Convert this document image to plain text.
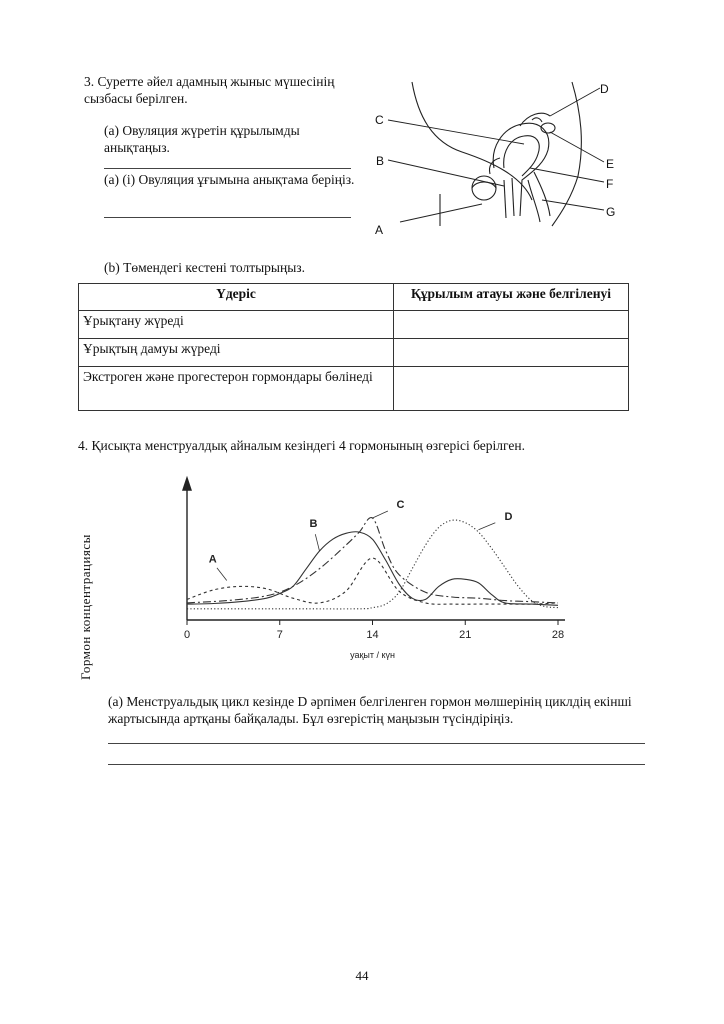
3. Суретте әйел адамның жыныс мүшесінің сызбасы берілген.
(а) Овуляция жүретін құрылымды анықтаңыз.
(а) (і) Овуляция ұғымына анықтама беріңіз.
A
B
C
D
E
F
G
(b) Төмендегі кестені толтырыңыз.
Үдеріс	Құрылым атауы және белгіленуі
Ұрықтану жүреді	
Ұрықтың дамуы жүреді	

Экстроген және прогестерон гормондары бөлінеді	

4. Қисықта менструалдық айналым кезіндегі 4 гормонының өзгерісі берілген.
Гормон концентрациясы	0	7	14	21	28
уақыт / күн
A
B
C
D
(а) Менструальдық цикл кезінде D әрпімен белгіленген гормон мөлшерінің циклдің екінші жартысында артқаны байқалады. Бұл өзгерістің маңызын түсіндіріңіз.
44
